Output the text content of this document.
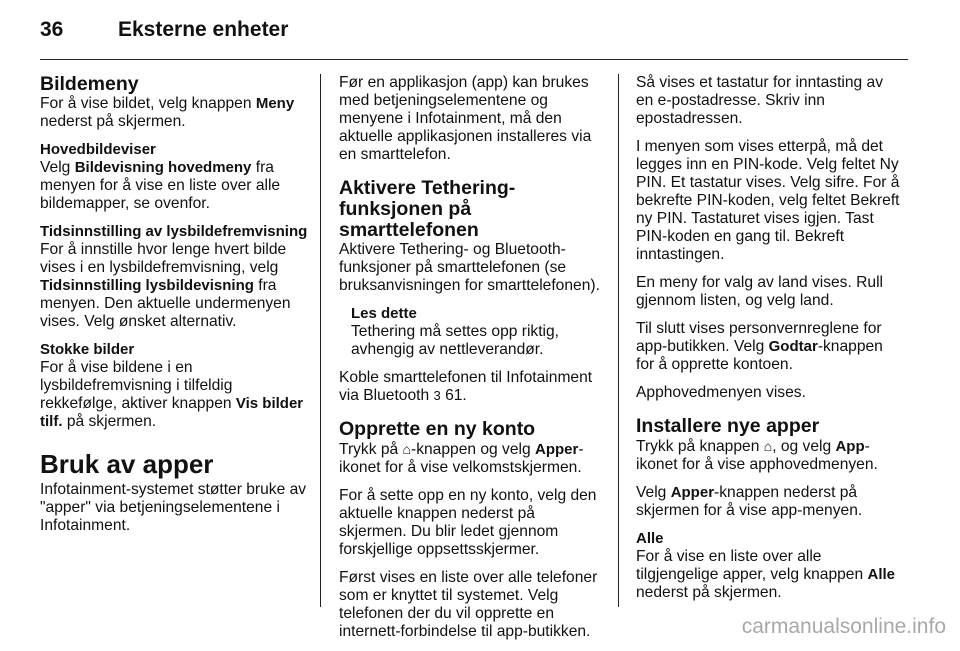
36	Eksterne enheter
Bildemeny

For å vise bildet, velg knappen Meny nederst på skjermen.

Hovedbildeviser

Velg Bildevisning hovedmeny fra menyen for å vise en liste over alle bildemapper, se ovenfor.

Tidsinnstilling av lysbildefremvisning

For å innstille hvor lenge hvert bilde vises i en lysbildefremvisning, velg Tidsinnstilling lysbildevisning fra menyen. Den aktuelle undermenyen vises. Velg ønsket alternativ.

Stokke bilder

For å vise bildene i en lysbildefremvisning i tilfeldig rekkefølge, aktiver knappen Vis bilder tilf. på skjermen.

Bruk av apper

Infotainment-systemet støtter bruke av "apper" via betjeningselementene i Infotainment.

Før en applikasjon (app) kan brukes med betjeningselementene og menyene i Infotainment, må den aktuelle applikasjonen installeres via en smarttelefon.

Aktivere Tethering-funksjonen på smarttelefonen

Aktivere Tethering- og Bluetooth-funksjoner på smarttelefonen (se bruksanvisningen for smarttelefonen).

Les dette
Tethering må settes opp riktig, avhengig av nettleverandør.

Koble smarttelefonen til Infotainment via Bluetooth 3 61.

Opprette en ny konto

Trykk på ⌂-knappen og velg Apper-ikonet for å vise velkomstskjermen.

For å sette opp en ny konto, velg den aktuelle knappen nederst på skjermen. Du blir ledet gjennom forskjellige oppsettsskjermer.

Først vises en liste over alle telefoner som er knyttet til systemet. Velg telefonen der du vil opprette en internett-forbindelse til app-butikken.

Så vises et tastatur for inntasting av en e-postadresse. Skriv inn epostadressen.

I menyen som vises etterpå, må det legges inn en PIN-kode. Velg feltet Ny PIN. Et tastatur vises. Velg sifre. For å bekrefte PIN-koden, velg feltet Bekreft ny PIN. Tastaturet vises igjen. Tast PIN-koden en gang til. Bekreft inntastingen.

En meny for valg av land vises. Rull gjennom listen, og velg land.

Til slutt vises personvernreglene for app-butikken. Velg Godtar-knappen for å opprette kontoen.

Apphovedmenyen vises.

Installere nye apper

Trykk på knappen ⌂, og velg App-ikonet for å vise apphovedmenyen.

Velg Apper-knappen nederst på skjermen for å vise app-menyen.

Alle

For å vise en liste over alle tilgjengelige apper, velg knappen Alle nederst på skjermen.

carmanualsonline.info
